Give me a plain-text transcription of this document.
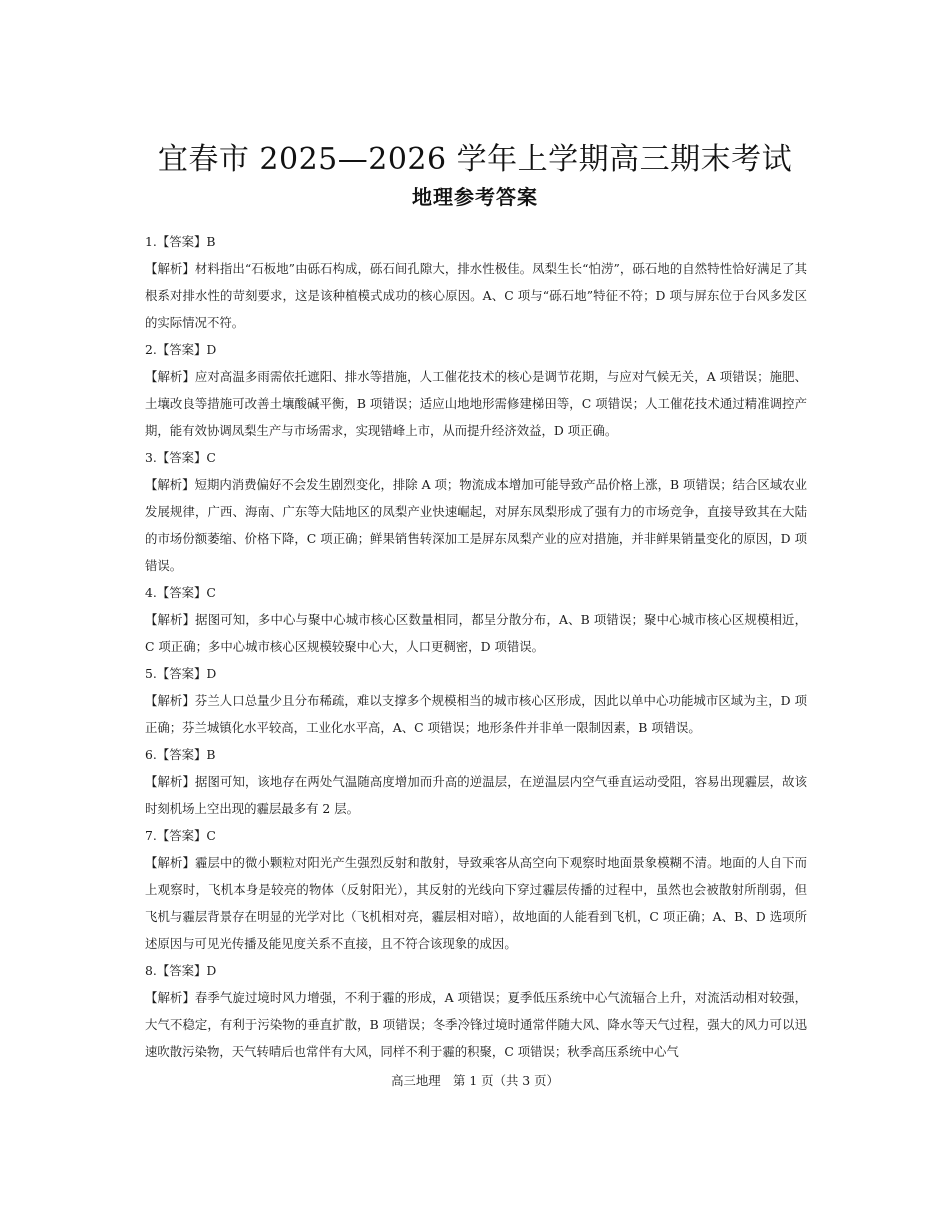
宜春市 2025—2026 学年上学期高三期末考试
地理参考答案
1.【答案】B
【解析】材料指出“石板地”由砾石构成，砾石间孔隙大，排水性极佳。凤梨生长“怕涝”，砾石地的自然特性恰好满足了其根系对排水性的苛刻要求，这是该种植模式成功的核心原因。A、C 项与“砾石地”特征不符；D 项与屏东位于台风多发区的实际情况不符。
2.【答案】D
【解析】应对高温多雨需依托遮阳、排水等措施，人工催花技术的核心是调节花期，与应对气候无关，A 项错误；施肥、土壤改良等措施可改善土壤酸碱平衡，B 项错误；适应山地地形需修建梯田等，C 项错误；人工催花技术通过精准调控产期，能有效协调凤梨生产与市场需求，实现错峰上市，从而提升经济效益，D 项正确。
3.【答案】C
【解析】短期内消费偏好不会发生剧烈变化，排除 A 项；物流成本增加可能导致产品价格上涨，B 项错误；结合区域农业发展规律，广西、海南、广东等大陆地区的凤梨产业快速崛起，对屏东凤梨形成了强有力的市场竞争，直接导致其在大陆的市场份额萎缩、价格下降，C 项正确；鲜果销售转深加工是屏东凤梨产业的应对措施，并非鲜果销量变化的原因，D 项错误。
4.【答案】C
【解析】据图可知，多中心与聚中心城市核心区数量相同，都呈分散分布，A、B 项错误；聚中心城市核心区规模相近，C 项正确；多中心城市核心区规模较聚中心大，人口更稠密，D 项错误。
5.【答案】D
【解析】芬兰人口总量少且分布稀疏，难以支撑多个规模相当的城市核心区形成，因此以单中心功能城市区域为主，D 项正确；芬兰城镇化水平较高，工业化水平高，A、C 项错误；地形条件并非单一限制因素，B 项错误。
6.【答案】B
【解析】据图可知，该地存在两处气温随高度增加而升高的逆温层，在逆温层内空气垂直运动受阻，容易出现霾层，故该时刻机场上空出现的霾层最多有 2 层。
7.【答案】C
【解析】霾层中的微小颗粒对阳光产生强烈反射和散射，导致乘客从高空向下观察时地面景象模糊不清。地面的人自下而上观察时，飞机本身是较亮的物体（反射阳光），其反射的光线向下穿过霾层传播的过程中，虽然也会被散射所削弱，但飞机与霾层背景存在明显的光学对比（飞机相对亮，霾层相对暗），故地面的人能看到飞机，C 项正确；A、B、D 选项所述原因与可见光传播及能见度关系不直接，且不符合该现象的成因。
8.【答案】D
【解析】春季气旋过境时风力增强，不利于霾的形成，A 项错误；夏季低压系统中心气流辐合上升，对流活动相对较强，大气不稳定，有利于污染物的垂直扩散，B 项错误；冬季冷锋过境时通常伴随大风、降水等天气过程，强大的风力可以迅速吹散污染物，天气转晴后也常伴有大风，同样不利于霾的积聚，C 项错误；秋季高压系统中心气
高三地理　第 1 页（共 3 页）
